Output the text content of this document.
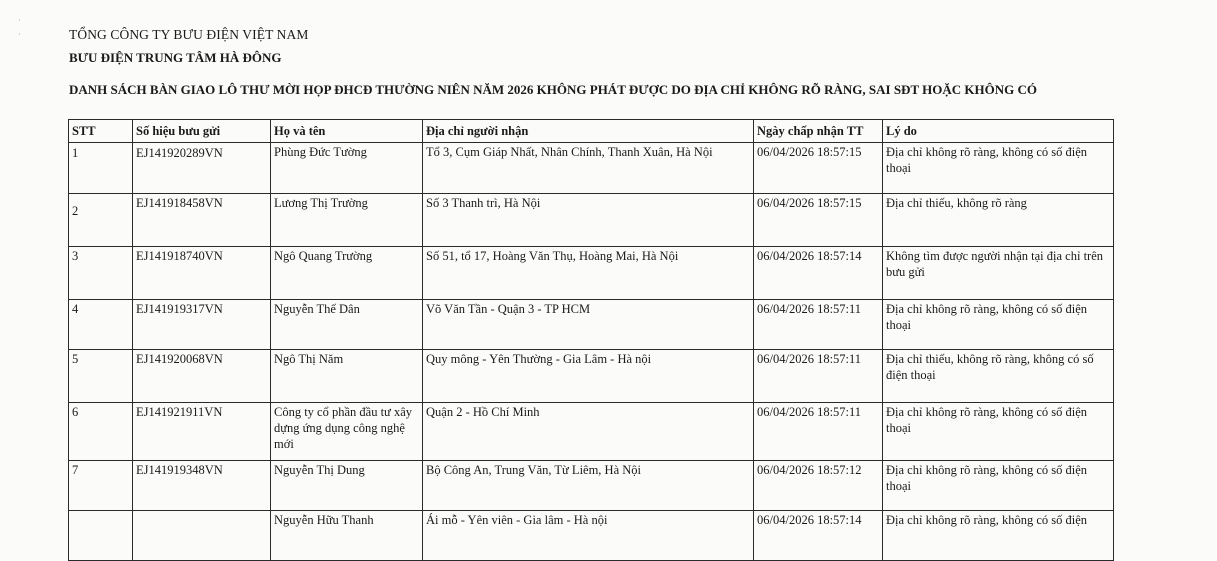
·
·	TỔNG CÔNG TY BƯU ĐIỆN VIỆT NAM
BƯU ĐIỆN TRUNG TÂM HÀ ĐÔNG
DANH SÁCH BÀN GIAO LÔ THƯ MỜI HỌP ĐHCĐ THƯỜNG NIÊN NĂM 2026 KHÔNG PHÁT ĐƯỢC DO ĐỊA CHỈ KHÔNG RÕ RÀNG, SAI SĐT HOẶC KHÔNG CÓ
STT	Số hiệu bưu gửi	Họ và tên	Địa chỉ người nhận	Ngày chấp nhận TT	Lý do
1	EJ141920289VN	Phùng Đức Tường	Tổ 3, Cụm Giáp Nhất, Nhân Chính, Thanh Xuân, Hà Nội	06/04/2026 18:57:15	Địa chỉ không rõ ràng, không có số điện thoại
2	EJ141918458VN	Lương Thị Trường	Số 3 Thanh trì, Hà Nội	06/04/2026 18:57:15	Địa chỉ thiếu, không rõ ràng
3	EJ141918740VN	Ngô Quang Trường	Số 51, tổ 17, Hoàng Văn Thụ, Hoàng Mai, Hà Nội	06/04/2026 18:57:14	Không tìm được người nhận tại địa chỉ trên bưu gửi
4	EJ141919317VN	Nguyễn Thế Dân	Võ Văn Tần - Quận 3 - TP HCM	06/04/2026 18:57:11	Địa chỉ không rõ ràng, không có số điện thoại
5	EJ141920068VN	Ngô Thị Năm	Quy mông - Yên Thường - Gia Lâm - Hà nội	06/04/2026 18:57:11	Địa chỉ thiếu, không rõ ràng, không có số điện thoại
6	EJ141921911VN	Công ty cổ phần đầu tư xây dựng ứng dụng công nghệ mới	Quận 2 - Hồ Chí Minh	06/04/2026 18:57:11	Địa chỉ không rõ ràng, không có số điện thoại
7	EJ141919348VN	Nguyễn Thị Dung	Bộ Công An, Trung Văn, Từ Liêm, Hà Nội	06/04/2026 18:57:12	Địa chỉ không rõ ràng, không có số điện thoại
		Nguyễn Hữu Thanh	Ái mỗ - Yên viên - Gia lâm - Hà nội	06/04/2026 18:57:14	Địa chỉ không rõ ràng, không có số điện
